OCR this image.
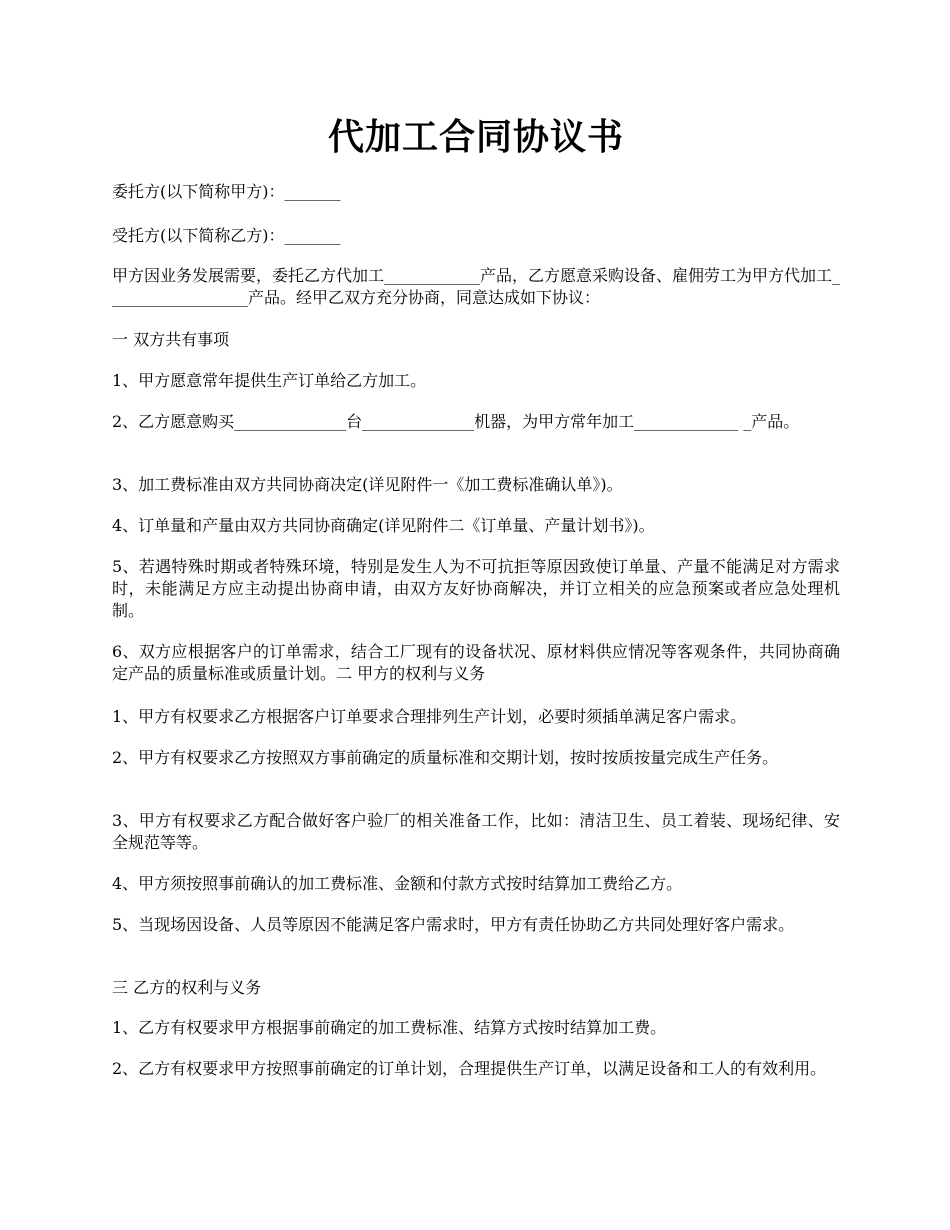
代加工合同协议书
委托方(以下简称甲方)：_______
受托方(以下简称乙方)：_______
甲方因业务发展需要，委托乙方代加工____________产品，乙方愿意采购设备、雇佣劳工为甲方代加工__________________产品。经甲乙双方充分协商，同意达成如下协议：
一 双方共有事项
1、甲方愿意常年提供生产订单给乙方加工。
2、乙方愿意购买______________台______________机器，为甲方常年加工_____________ _产品。
3、加工费标准由双方共同协商决定(详见附件一《加工费标准确认单》)。
4、订单量和产量由双方共同协商确定(详见附件二《订单量、产量计划书》)。
5、若遇特殊时期或者特殊环境，特别是发生人为不可抗拒等原因致使订单量、产量不能满足对方需求时，未能满足方应主动提出协商申请，由双方友好协商解决，并订立相关的应急预案或者应急处理机制。
6、双方应根据客户的订单需求，结合工厂现有的设备状况、原材料供应情况等客观条件，共同协商确定产品的质量标准或质量计划。二 甲方的权利与义务
1、甲方有权要求乙方根据客户订单要求合理排列生产计划，必要时须插单满足客户需求。
2、甲方有权要求乙方按照双方事前确定的质量标准和交期计划，按时按质按量完成生产任务。
3、甲方有权要求乙方配合做好客户验厂的相关准备工作，比如：清洁卫生、员工着装、现场纪律、安全规范等等。
4、甲方须按照事前确认的加工费标准、金额和付款方式按时结算加工费给乙方。
5、当现场因设备、人员等原因不能满足客户需求时，甲方有责任协助乙方共同处理好客户需求。
三 乙方的权利与义务
1、乙方有权要求甲方根据事前确定的加工费标准、结算方式按时结算加工费。
2、乙方有权要求甲方按照事前确定的订单计划，合理提供生产订单，以满足设备和工人的有效利用。
